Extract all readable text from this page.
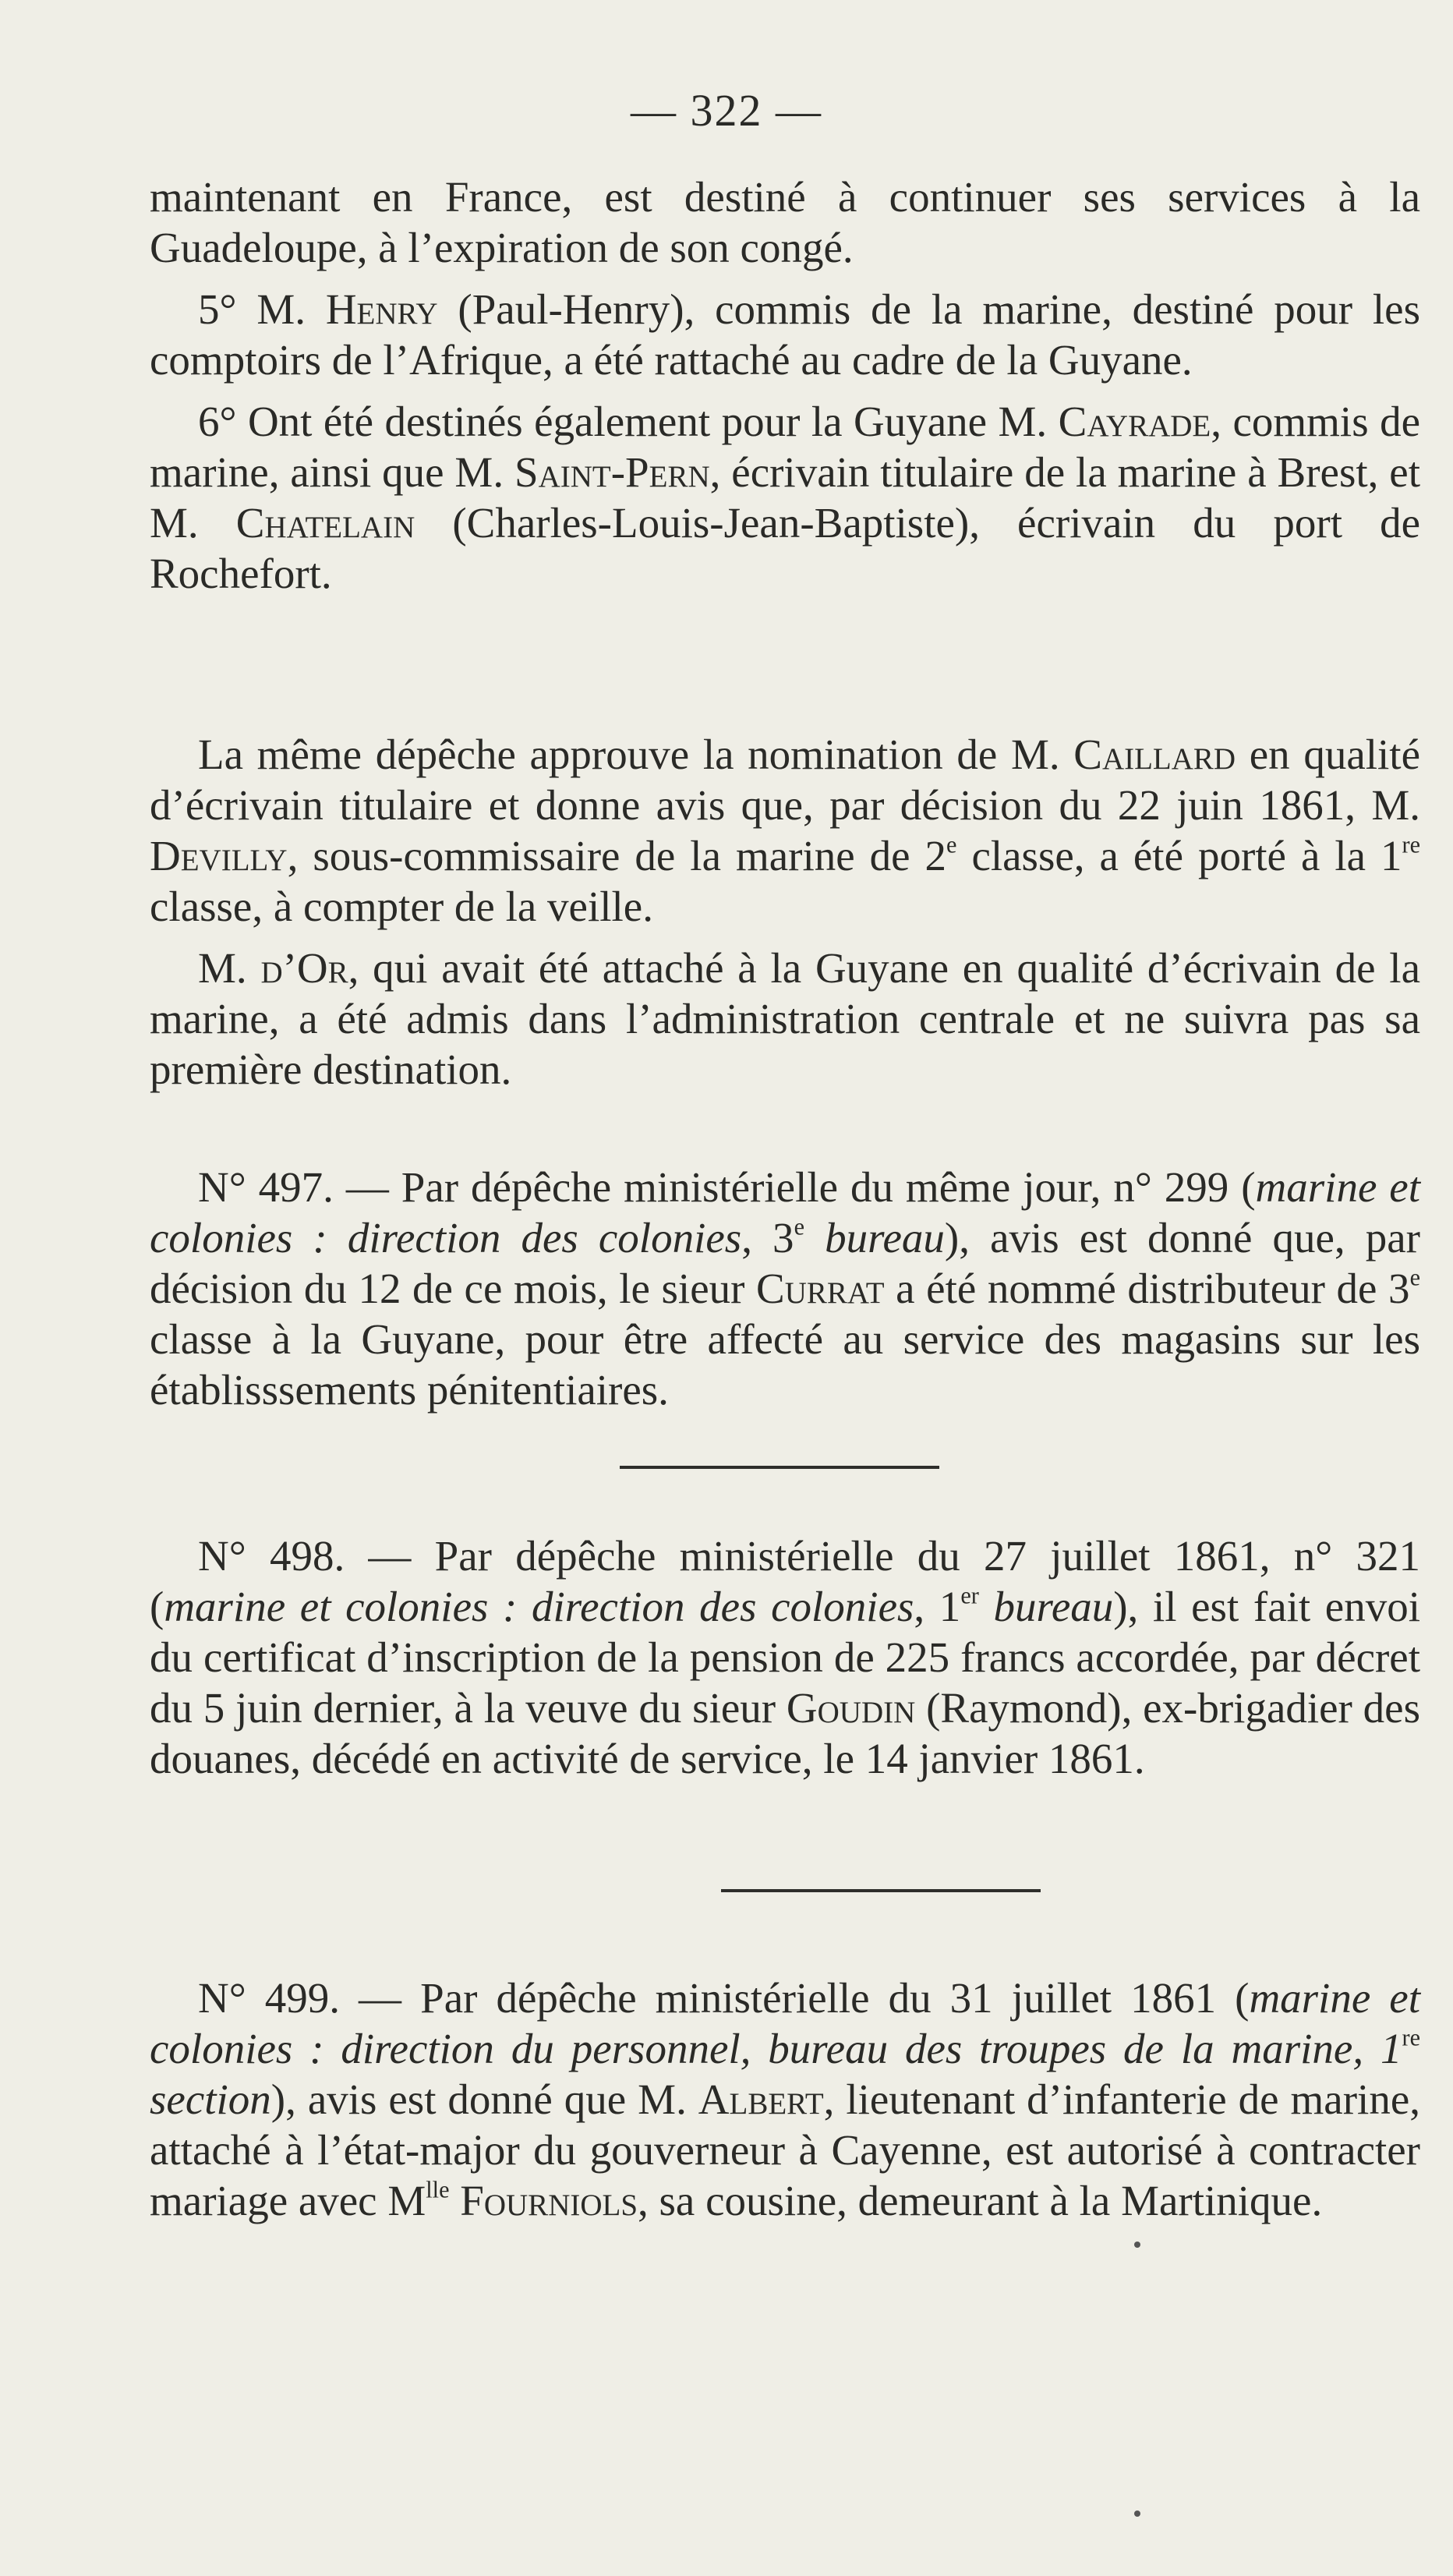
— 322 —

maintenant en France, est destiné à continuer ses services à la Guadeloupe, à l’expiration de son congé.

5° M. Henry (Paul-Henry), commis de la marine, destiné pour les comptoirs de l’Afrique, a été rattaché au cadre de la Guyane.

6° Ont été destinés également pour la Guyane M. Cayrade, commis de marine, ainsi que M. Saint-Pern, écrivain titulaire de la marine à Brest, et M. Chatelain (Charles-Louis-Jean-Baptiste), écrivain du port de Rochefort.

La même dépêche approuve la nomination de M. Caillard en qualité d’écrivain titulaire et donne avis que, par décision du 22 juin 1861, M. Devilly, sous-commissaire de la marine de 2e classe, a été porté à la 1re classe, à compter de la veille.

M. d’Or, qui avait été attaché à la Guyane en qualité d’écrivain de la marine, a été admis dans l’administration centrale et ne suivra pas sa première destination.

N° 497. — Par dépêche ministérielle du même jour, n° 299 (marine et colonies : direction des colonies, 3e bureau), avis est donné que, par décision du 12 de ce mois, le sieur Currat a été nommé distributeur de 3e classe à la Guyane, pour être affecté au service des magasins sur les établisssements pénitentiaires.

N° 498. — Par dépêche ministérielle du 27 juillet 1861, n° 321 (marine et colonies : direction des colonies, 1er bureau), il est fait envoi du certificat d’inscription de la pension de 225 francs accordée, par décret du 5 juin dernier, à la veuve du sieur Goudin (Raymond), ex-brigadier des douanes, décédé en activité de service, le 14 janvier 1861.

N° 499. — Par dépêche ministérielle du 31 juillet 1861 (marine et colonies : direction du personnel, bureau des troupes de la marine, 1re section), avis est donné que M. Albert, lieutenant d’infanterie de marine, attaché à l’état-major du gouverneur à Cayenne, est autorisé à contracter mariage avec $M^{lle}$ Fourniols, sa cousine, demeurant à la Martinique.
